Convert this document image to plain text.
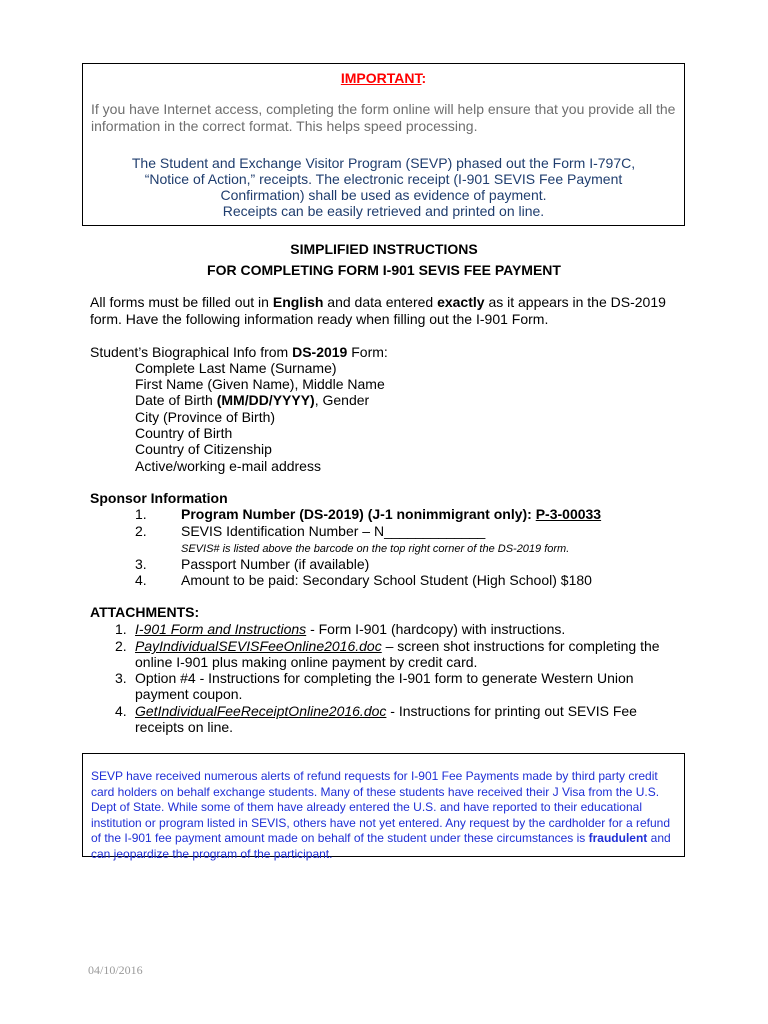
IMPORTANT:
If you have Internet access, completing the form online will help ensure that you provide all the information in the correct format. This helps speed processing.
The Student and Exchange Visitor Program (SEVP) phased out the Form I-797C,
“Notice of Action,” receipts. The electronic receipt (I-901 SEVIS Fee Payment
Confirmation) shall be used as evidence of payment.
Receipts can be easily retrieved and printed on line.
SIMPLIFIED INSTRUCTIONS
FOR COMPLETING FORM I-901 SEVIS FEE PAYMENT
All forms must be filled out in English and data entered exactly as it appears in the DS-2019 form. Have the following information ready when filling out the I-901 Form.
Student’s Biographical Info from DS-2019 Form:
Complete Last Name (Surname)
First Name (Given Name), Middle Name
Date of Birth (MM/DD/YYYY), Gender
City (Province of Birth)
Country of Birth
Country of Citizenship
Active/working e-mail address
Sponsor Information
1. Program Number (DS-2019) (J-1 nonimmigrant only): P-3-00033
2. SEVIS Identification Number – N_____________
SEVIS# is listed above the barcode on the top right corner of the DS-2019 form.
3. Passport Number (if available)
4. Amount to be paid: Secondary School Student (High School) $180
ATTACHMENTS:
1. I-901 Form and Instructions - Form I-901 (hardcopy) with instructions.
2. PayIndividualSEVISFeeOnline2016.doc – screen shot instructions for completing the
online I-901 plus making online payment by credit card.
3. Option #4 - Instructions for completing the I-901 form to generate Western Union
payment coupon.
4. GetIndividualFeeReceiptOnline2016.doc - Instructions for printing out SEVIS Fee
receipts on line.
SEVP have received numerous alerts of refund requests for I-901 Fee Payments made by third party credit card holders on behalf exchange students. Many of these students have received their J Visa from the U.S. Dept of State. While some of them have already entered the U.S. and have reported to their educational institution or program listed in SEVIS, others have not yet entered. Any request by the cardholder for a refund of the I-901 fee payment amount made on behalf of the student under these circumstances is fraudulent and can jeopardize the program of the participant.
04/10/2016
